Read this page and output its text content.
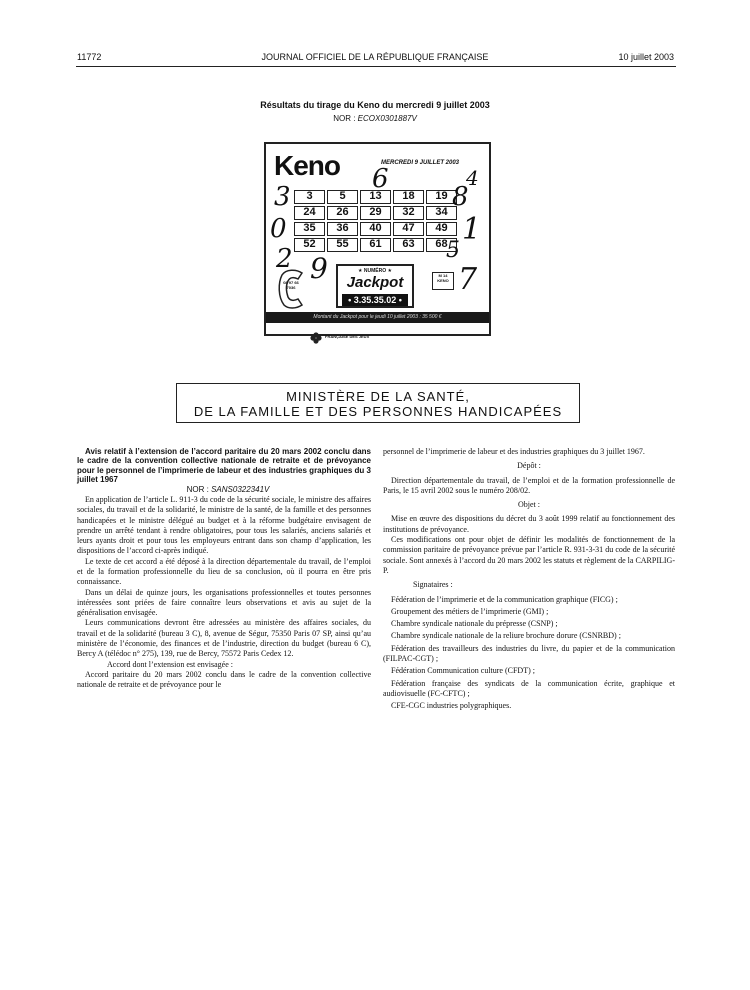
11772	JOURNAL OFFICIEL DE LA RÉPUBLIQUE FRANÇAISE	10 juillet 2003
Résultats du tirage du Keno du mercredi 9 juillet 2003
NOR : ECOX0301887V
Keno	MERCREDI 9 JUILLET 2003
3	5	13	18	19
24	26	29	32	34
35	36	40	47	49
52	55	61	63	68
6	4
3	8
0	1
2 9
5
7
08 97 66 7036
★ NUMÉRO ★
Jackpot
• 3.35.35.02 •
M 14 KENO
Montant du Jackpot pour le jeudi 10 juillet 2003 : 35 500 €
FRANÇAISE DES JEUX
MINISTÈRE DE LA SANTÉ,
DE LA FAMILLE ET DES PERSONNES HANDICAPÉES

Avis relatif à l’extension de l’accord paritaire du 20 mars 2002 conclu dans le cadre de la convention collective nationale de retraite et de prévoyance pour le personnel de l’imprimerie de labeur et des industries graphiques du 3 juillet 1967

NOR : SANS0322341V

En application de l’article L. 911-3 du code de la sécurité sociale, le ministre des affaires sociales, du travail et de la solidarité, le ministre de la santé, de la famille et des personnes handicapées et le ministre délégué au budget et à la réforme budgétaire envisagent de prendre un arrêté tendant à rendre obligatoires, pour tous les salariés, anciens salariés et leurs ayants droit et pour tous les employeurs entrant dans son champ d’application, les dispositions de l’accord ci-après indiqué.

Le texte de cet accord a été déposé à la direction départementale du travail, de l’emploi et de la formation professionnelle du lieu de sa conclusion, où il pourra en être pris connaissance.

Dans un délai de quinze jours, les organisations professionnelles et toutes personnes intéressées sont priées de faire connaître leurs observations et avis au sujet de la généralisation envisagée.

Leurs communications devront être adressées au ministère des affaires sociales, du travail et de la solidarité (bureau 3 C), 8, avenue de Ségur, 75350 Paris 07 SP, ainsi qu’au ministère de l’économie, des finances et de l’industrie, direction du budget (bureau 6 C), Bercy A (télédoc n° 275), 139, rue de Bercy, 75572 Paris Cedex 12.

Accord dont l’extension est envisagée :

Accord paritaire du 20 mars 2002 conclu dans le cadre de la convention collective nationale de retraite et de prévoyance pour le

personnel de l’imprimerie de labeur et des industries graphiques du 3 juillet 1967.

Dépôt :

Direction départementale du travail, de l’emploi et de la formation professionnelle de Paris, le 15 avril 2002 sous le numéro 208/02.

Objet :

Mise en œuvre des dispositions du décret du 3 août 1999 relatif au fonctionnement des institutions de prévoyance.

Ces modifications ont pour objet de définir les modalités de fonctionnement de la commission paritaire de prévoyance prévue par l’article R. 931-3-31 du code de la sécurité sociale. Sont annexés à l’accord du 20 mars 2002 les statuts et règlement de la CARPILIG-P.

Signataires :

Fédération de l’imprimerie et de la communication graphique (FICG) ;

Groupement des métiers de l’imprimerie (GMI) ;

Chambre syndicale nationale du prépresse (CSNP) ;

Chambre syndicale nationale de la reliure brochure dorure (CSNRBD) ;

Fédération des travailleurs des industries du livre, du papier et de la communication (FILPAC-CGT) ;

Fédération Communication culture (CFDT) ;

Fédération française des syndicats de la communication écrite, graphique et audiovisuelle (FC-CFTC) ;

CFE-CGC industries polygraphiques.
